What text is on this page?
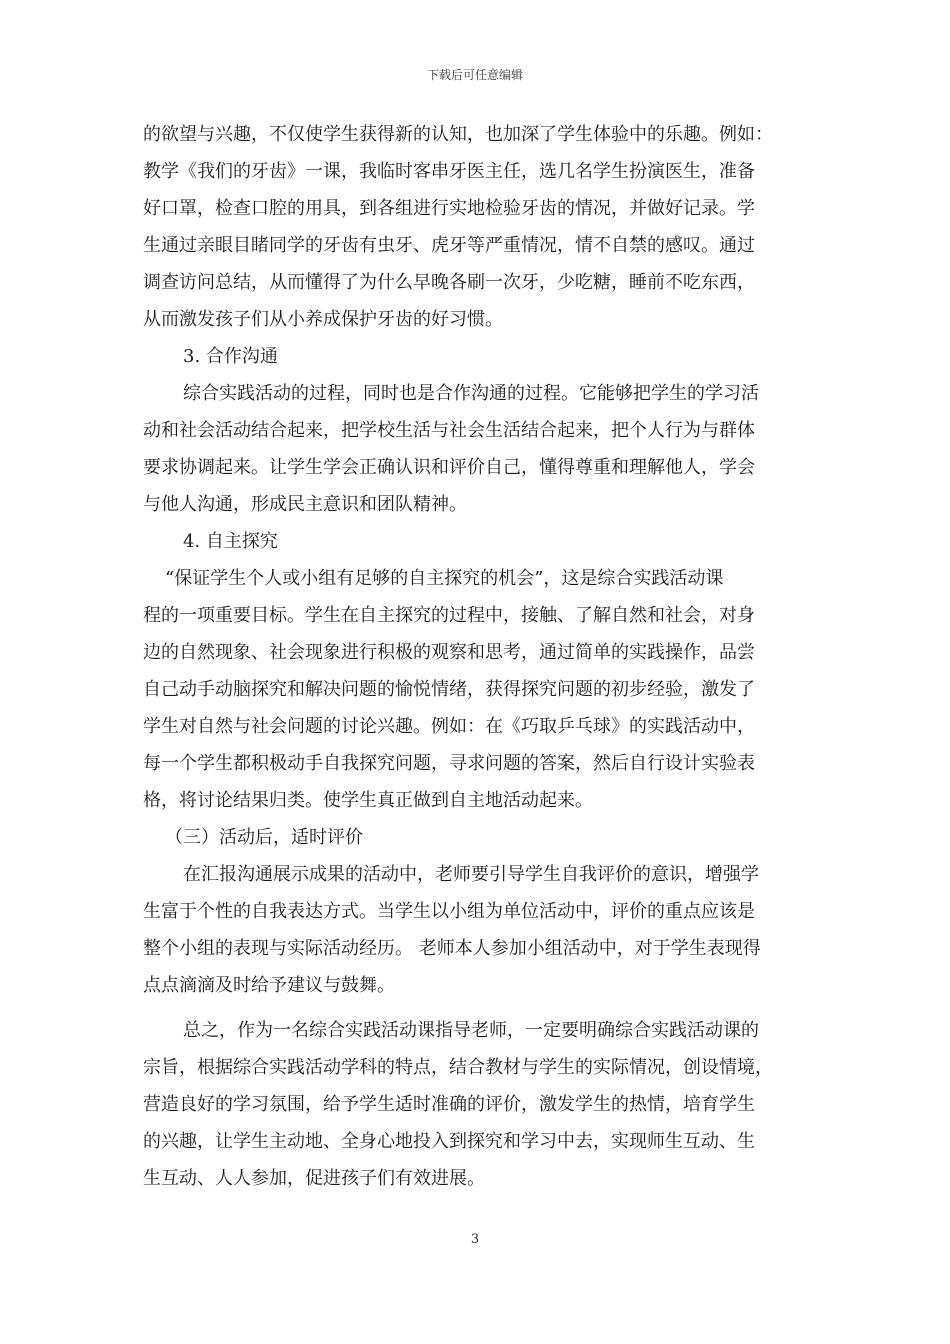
下载后可任意编辑
的欲望与兴趣，不仅使学生获得新的认知，也加深了学生体验中的乐趣。例如：
教学《我们的牙齿》一课，我临时客串牙医主任，选几名学生扮演医生，准备
好口罩，检查口腔的用具，到各组进行实地检验牙齿的情况，并做好记录。学
生通过亲眼目睹同学的牙齿有虫牙、虎牙等严重情况，情不自禁的感叹。通过
调查访问总结，从而懂得了为什么早晚各刷一次牙，少吃糖，睡前不吃东西，
从而激发孩子们从小养成保护牙齿的好习惯。
3. 合作沟通
综合实践活动的过程，同时也是合作沟通的过程。它能够把学生的学习活
动和社会活动结合起来，把学校生活与社会生活结合起来，把个人行为与群体
要求协调起来。让学生学会正确认识和评价自己，懂得尊重和理解他人，学会
与他人沟通，形成民主意识和团队精神。
4. 自主探究
“保证学生个人或小组有足够的自主探究的机会”，这是综合实践活动课
程的一项重要目标。学生在自主探究的过程中，接触、了解自然和社会，对身
边的自然现象、社会现象进行积极的观察和思考，通过简单的实践操作，品尝
自己动手动脑探究和解决问题的愉悦情绪，获得探究问题的初步经验，激发了
学生对自然与社会问题的讨论兴趣。例如：在《巧取乒乓球》的实践活动中，
每一个学生都积极动手自我探究问题，寻求问题的答案，然后自行设计实验表
格，将讨论结果归类。使学生真正做到自主地活动起来。
（三）活动后，适时评价
在汇报沟通展示成果的活动中，老师要引导学生自我评价的意识，增强学
生富于个性的自我表达方式。当学生以小组为单位活动中，评价的重点应该是
整个小组的表现与实际活动经历。 老师本人参加小组活动中，对于学生表现得
点点滴滴及时给予建议与鼓舞。
总之，作为一名综合实践活动课指导老师，一定要明确综合实践活动课的
宗旨，根据综合实践活动学科的特点，结合教材与学生的实际情况，创设情境，
营造良好的学习氛围，给予学生适时准确的评价，激发学生的热情，培育学生
的兴趣，让学生主动地、全身心地投入到探究和学习中去，实现师生互动、生
生互动、人人参加，促进孩子们有效进展。
3
